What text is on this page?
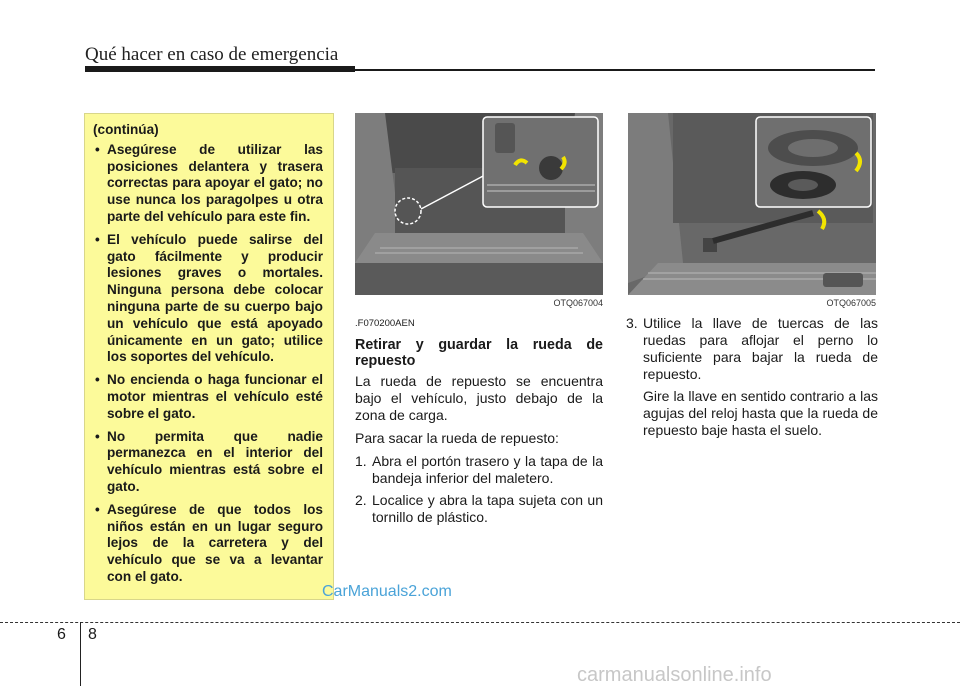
Qué hacer en caso de emergencia
(continúa)
• Asegúrese de utilizar las posiciones delantera y trasera correctas para apoyar el gato; no use nunca los paragolpes u otra parte del vehículo para este fin.
• El vehículo puede salirse del gato fácilmente y producir lesiones graves o mortales. Ninguna persona debe colocar ninguna parte de su cuerpo bajo un vehículo que está apoyado únicamente en un gato; utilice los soportes del vehículo.
• No encienda o haga funcionar el motor mientras el vehículo esté sobre el gato.
• No permita que nadie permanezca en el interior del vehículo mientras está sobre el gato.
• Asegúrese de que todos los niños están en un lugar seguro lejos de la carretera y del vehículo que se va a levantar con el gato.
OTQ067004	OTQ067005

.F070200AEN

Retirar y guardar la rueda de repuesto

La rueda de repuesto se encuentra bajo el vehículo, justo debajo de la zona de carga.

Para sacar la rueda de repuesto:

1. Abra el portón trasero y la tapa de la bandeja inferior del maletero.
2. Localice y abra la tapa sujeta con un tornillo de plástico.
3. Utilice la llave de tuercas de las ruedas para aflojar el perno lo suficiente para bajar la rueda de repuesto.

Gire la llave en sentido contrario a las agujas del reloj hasta que la rueda de repuesto baje hasta el suelo.

CarManuals2.com
carmanualsonline.info
6 8
